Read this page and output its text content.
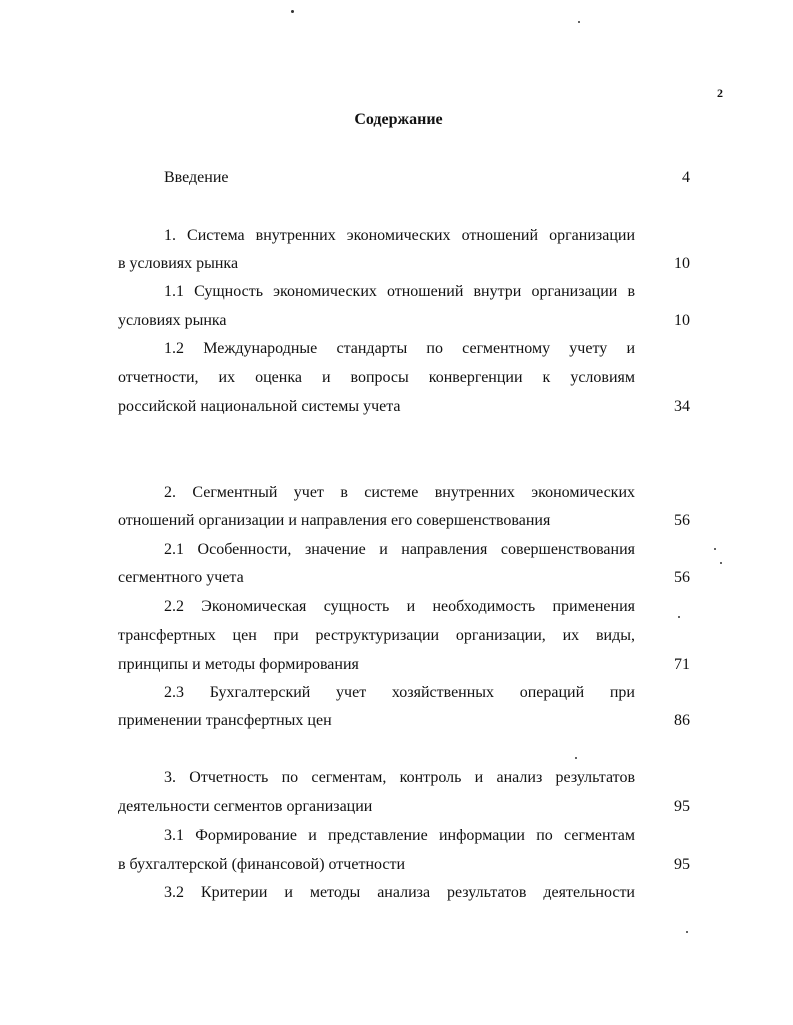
2
Содержание
Введение	4
1. Система внутренних экономических отношений организации
в условиях рынка	10
1.1 Сущность экономических отношений внутри организации в
условиях рынка	10
1.2 Международные стандарты по сегментному учету и
отчетности, их оценка и вопросы конвергенции к условиям
российской национальной системы учета	34
2. Сегментный учет в системе внутренних экономических
отношений организации и направления его совершенствования	56
2.1 Особенности, значение и направления совершенствования
сегментного учета	56
2.2 Экономическая сущность и необходимость применения
трансфертных цен при реструктуризации организации, их виды,
принципы и методы формирования	71
2.3 Бухгалтерский учет хозяйственных операций при
применении трансфертных цен	86
3. Отчетность по сегментам, контроль и анализ результатов
деятельности сегментов организации	95
3.1 Формирование и представление информации по сегментам
в бухгалтерской (финансовой) отчетности	95
3.2 Критерии и методы анализа результатов деятельности
